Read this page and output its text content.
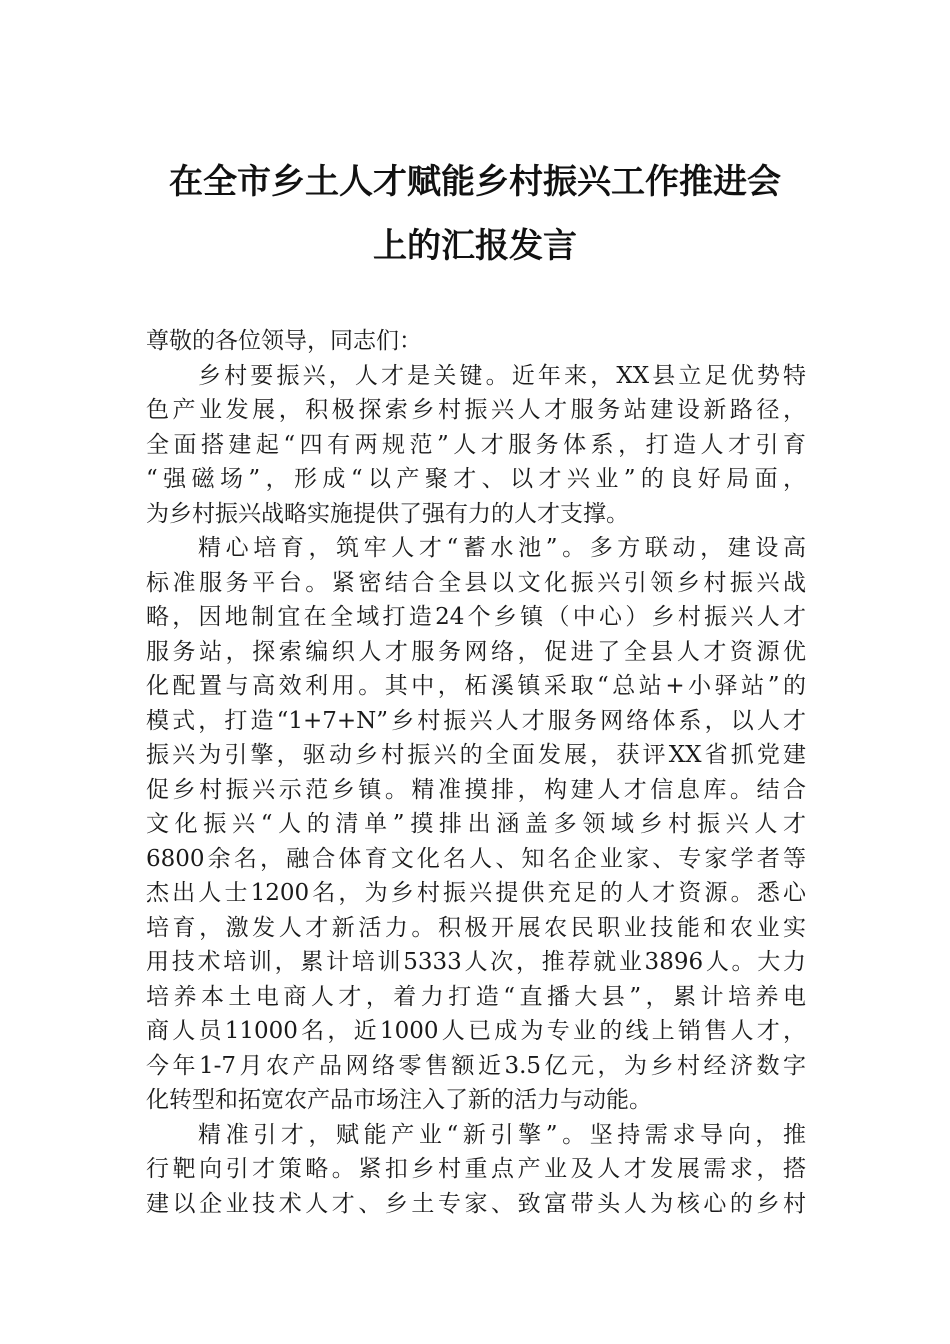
在全市乡土人才赋能乡村振兴工作推进会
上的汇报发言
尊敬的各位领导，同志们：
乡村要振兴，人才是关键。近年来，XX县立足优势特
色产业发展，积极探索乡村振兴人才服务站建设新路径，
全面搭建起“四有两规范”人才服务体系，打造人才引育
“强磁场”，形成“以产聚才、以才兴业”的良好局面，
为乡村振兴战略实施提供了强有力的人才支撑。
精心培育，筑牢人才“蓄水池”。多方联动，建设高
标准服务平台。紧密结合全县以文化振兴引领乡村振兴战
略，因地制宜在全域打造24个乡镇（中心）乡村振兴人才
服务站，探索编织人才服务网络，促进了全县人才资源优
化配置与高效利用。其中，柘溪镇采取“总站+小驿站”的
模式，打造“1+7+N”乡村振兴人才服务网络体系，以人才
振兴为引擎，驱动乡村振兴的全面发展，获评XX省抓党建
促乡村振兴示范乡镇。精准摸排，构建人才信息库。结合
文化振兴“人的清单”摸排出涵盖多领域乡村振兴人才
6800余名，融合体育文化名人、知名企业家、专家学者等
杰出人士1200名，为乡村振兴提供充足的人才资源。悉心
培育，激发人才新活力。积极开展农民职业技能和农业实
用技术培训，累计培训5333人次，推荐就业3896人。大力
培养本土电商人才，着力打造“直播大县”，累计培养电
商人员11000名，近1000人已成为专业的线上销售人才，
今年1-7月农产品网络零售额近3.5亿元，为乡村经济数字
化转型和拓宽农产品市场注入了新的活力与动能。
精准引才，赋能产业“新引擎”。坚持需求导向，推
行靶向引才策略。紧扣乡村重点产业及人才发展需求，搭
建以企业技术人才、乡土专家、致富带头人为核心的乡村
